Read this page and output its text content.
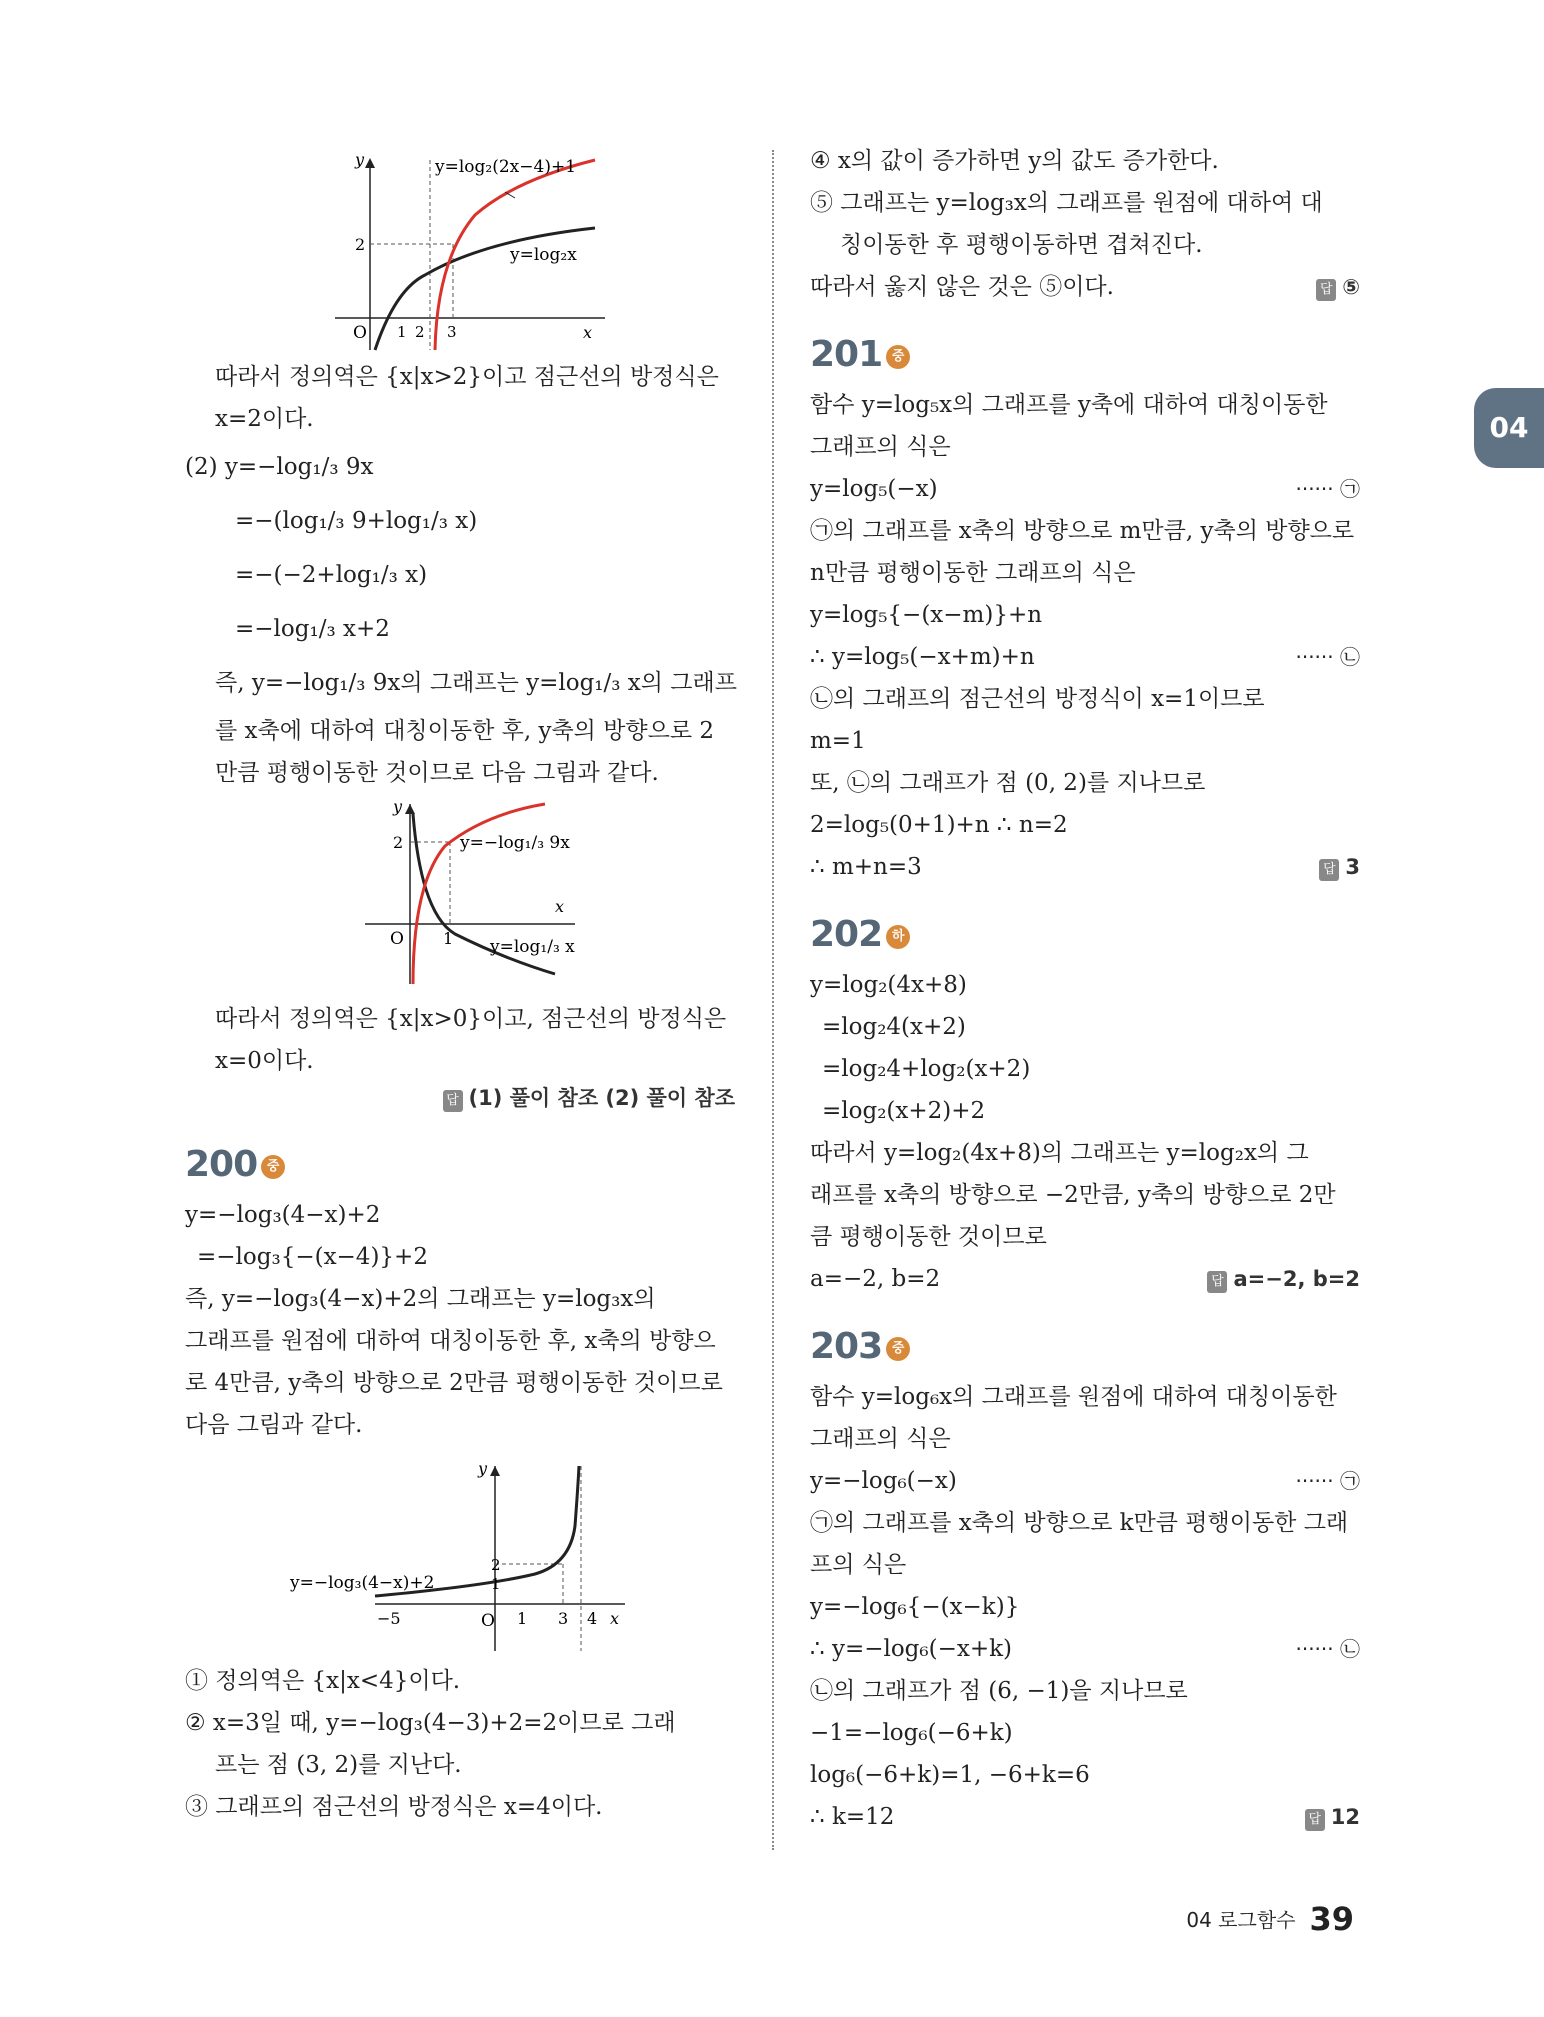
y
x
O
2
1 2 3
y=log₂(2x−4)+1
y=log₂x
따라서 정의역은 {x|x>2}이고 점근선의 방정식은
x=2이다.
(2) y=−log₁/₃ 9x
=−(log₁/₃ 9+log₁/₃ x)
=−(−2+log₁/₃ x)
=−log₁/₃ x+2
즉, y=−log₁/₃ 9x의 그래프는 y=log₁/₃ x의 그래프
를 x축에 대하여 대칭이동한 후, y축의 방향으로 2
만큼 평행이동한 것이므로 다음 그림과 같다.
y
x
O
2
1
y=−log₁/₃ 9x
y=log₁/₃ x
따라서 정의역은 {x|x>0}이고, 점근선의 방정식은
x=0이다.
답 (1) 풀이 참조 (2) 풀이 참조
200 중
y=−log₃(4−x)+2
=−log₃{−(x−4)}+2
즉, y=−log₃(4−x)+2의 그래프는 y=log₃x의
그래프를 원점에 대하여 대칭이동한 후, x축의 방향으
로 4만큼, y축의 방향으로 2만큼 평행이동한 것이므로
다음 그림과 같다.
y
x
O
−5	1 3 4
2
1
y=−log₃(4−x)+2
① 정의역은 {x|x<4}이다.
② x=3일 때, y=−log₃(4−3)+2=2이므로 그래
프는 점 (3, 2)를 지난다.
③ 그래프의 점근선의 방정식은 x=4이다.
④ x의 값이 증가하면 y의 값도 증가한다.
⑤ 그래프는 y=log₃x의 그래프를 원점에 대하여 대
칭이동한 후 평행이동하면 겹쳐진다.
따라서 옳지 않은 것은 ⑤이다.	답 ⑤
201 중
함수 y=log₅x의 그래프를 y축에 대하여 대칭이동한
그래프의 식은
y=log₅(−x)	······ ㉠
㉠의 그래프를 x축의 방향으로 m만큼, y축의 방향으로
n만큼 평행이동한 그래프의 식은
y=log₅{−(x−m)}+n
∴ y=log₅(−x+m)+n	······ ㉡
㉡의 그래프의 점근선의 방정식이 x=1이므로
m=1
또, ㉡의 그래프가 점 (0, 2)를 지나므로
2=log₅(0+1)+n ∴ n=2
∴ m+n=3	답 3
202 하
y=log₂(4x+8)
=log₂4(x+2)
=log₂4+log₂(x+2)
=log₂(x+2)+2
따라서 y=log₂(4x+8)의 그래프는 y=log₂x의 그
래프를 x축의 방향으로 −2만큼, y축의 방향으로 2만
큼 평행이동한 것이므로
a=−2, b=2	답 a=−2, b=2
203 중
함수 y=log₆x의 그래프를 원점에 대하여 대칭이동한
그래프의 식은
y=−log₆(−x)	······ ㉠
㉠의 그래프를 x축의 방향으로 k만큼 평행이동한 그래
프의 식은
y=−log₆{−(x−k)}
∴ y=−log₆(−x+k)	······ ㉡
㉡의 그래프가 점 (6, −1)을 지나므로
−1=−log₆(−6+k)
log₆(−6+k)=1, −6+k=6
∴ k=12	답 12
04
04 로그함수 39
